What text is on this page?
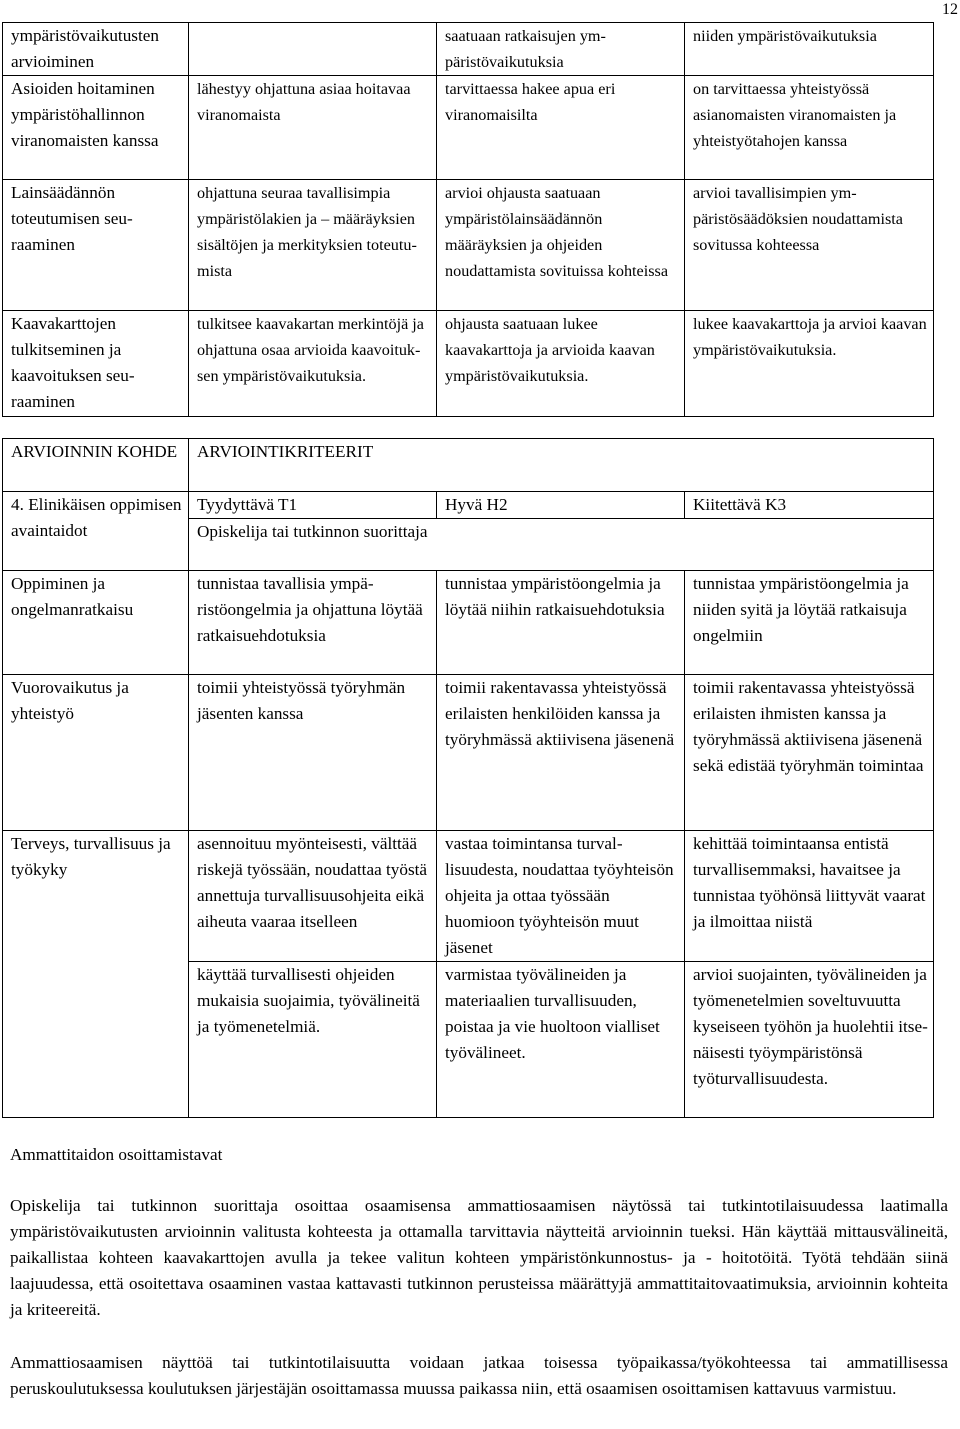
12
ympäristövaikutusten arvioiminen		saatuaan ratkaisujen ympäristövaikutuksia	niiden ympäristövaikutuksia
Asioiden hoitaminen ympäristöhallinnon viranomaisten kanssa	lähestyy ohjattuna asiaa hoitavaa viranomaista	tarvittaessa hakee apua eri viranomaisilta	on tarvittaessa yhteistyössä asianomaisten viranomaisten ja yhteistyötahojen kanssa
Lainsäädännön toteutumisen seuraaminen	ohjattuna seuraa tavallisimpia ympäristölakien ja – määräyksien sisältöjen ja merkityksien toteutumista	arvioi ohjausta saatuaan ympäristölainsäädännön määräyksien ja ohjeiden noudattamista sovituissa kohteissa	arvioi tavallisimpien ympäristösäädöksien noudattamista sovitussa kohteessa
Kaavakarttojen tulkitseminen ja kaavoituksen seuraaminen	tulkitsee kaavakartan merkintöjä ja ohjattuna osaa arvioida kaavoituksen ympäristövaikutuksia.	ohjausta saatuaan lukee kaavakarttoja ja arvioida kaavan ympäristövaikutuksia.	lukee kaavakarttoja ja arvioi kaavan ympäristövaikutuksia.
ARVIOINNIN KOHDE	ARVIOINTIKRITEERIT		
4. Elinikäisen oppimisen avaintaidot	Tyydyttävä T1	Hyvä H2	Kiitettävä K3
	Opiskelija tai tutkinnon suorittaja		
Oppiminen ja ongelmanratkaisu	tunnistaa tavallisia ympäristöongelmia ja ohjattuna löytää ratkaisuehdotuksia	tunnistaa ympäristöongelmia ja löytää niihin ratkaisuehdotuksia	tunnistaa ympäristöongelmia ja niiden syitä ja löytää ratkaisuja ongelmiin
Vuorovaikutus ja yhteistyö	toimii yhteistyössä työryhmän jäsenten kanssa	toimii rakentavassa yhteistyössä erilaisten henkilöiden kanssa ja työryhmässä aktiivisena jäsenenä	toimii rakentavassa yhteistyössä erilaisten ihmisten kanssa ja työryhmässä aktiivisena jäsenenä sekä edistää työryhmän toimintaa
Terveys, turvallisuus ja työkyky	asennoituu myönteisesti, välttää riskejä työssään, noudattaa työstä annettuja turvallisuusohjeita eikä aiheuta vaaraa itselleen	vastaa toimintansa turvallisuudesta, noudattaa työyhteisön ohjeita ja ottaa työssään huomioon työyhteisön muut jäsenet	kehittää toimintaansa entistä turvallisemmaksi, havaitsee ja tunnistaa työhönsä liittyvät vaarat ja ilmoittaa niistä
	käyttää turvallisesti ohjeiden mukaisia suojaimia, työvälineitä ja työmenetelmiä.	varmistaa työvälineiden ja materiaalien turvallisuuden, poistaa ja vie huoltoon vialliset työvälineet.	arvioi suojainten, työvälineiden ja työmenetelmien soveltuvuutta kyseiseen työhön ja huolehtii itsenäisesti työympäristönsä työturvallisuudesta.
Ammattitaidon osoittamistavat
Opiskelija tai tutkinnon suorittaja osoittaa osaamisensa ammattiosaamisen näytössä tai tutkintotilaisuudessa laatimalla ympäristövaikutusten arvioinnin valitusta kohteesta ja ottamalla tarvittavia näytteitä arvioinnin tueksi. Hän käyttää mittausvälineitä, paikallistaa kohteen kaavakarttojen avulla ja tekee valitun kohteen ympäristönkunnostus- ja - hoitotöitä. Työtä tehdään siinä laajuudessa, että osoitettava osaaminen vastaa kattavasti tutkinnon perusteissa määrättyjä ammattitaitovaatimuksia, arvioinnin kohteita ja kriteereitä.
Ammattiosaamisen näyttöä tai tutkintotilaisuutta voidaan jatkaa toisessa työpaikassa/työkohteessa tai ammatillisessa peruskoulutuksessa koulutuksen järjestäjän osoittamassa muussa paikassa niin, että osaamisen osoittamisen kattavuus varmistuu.
